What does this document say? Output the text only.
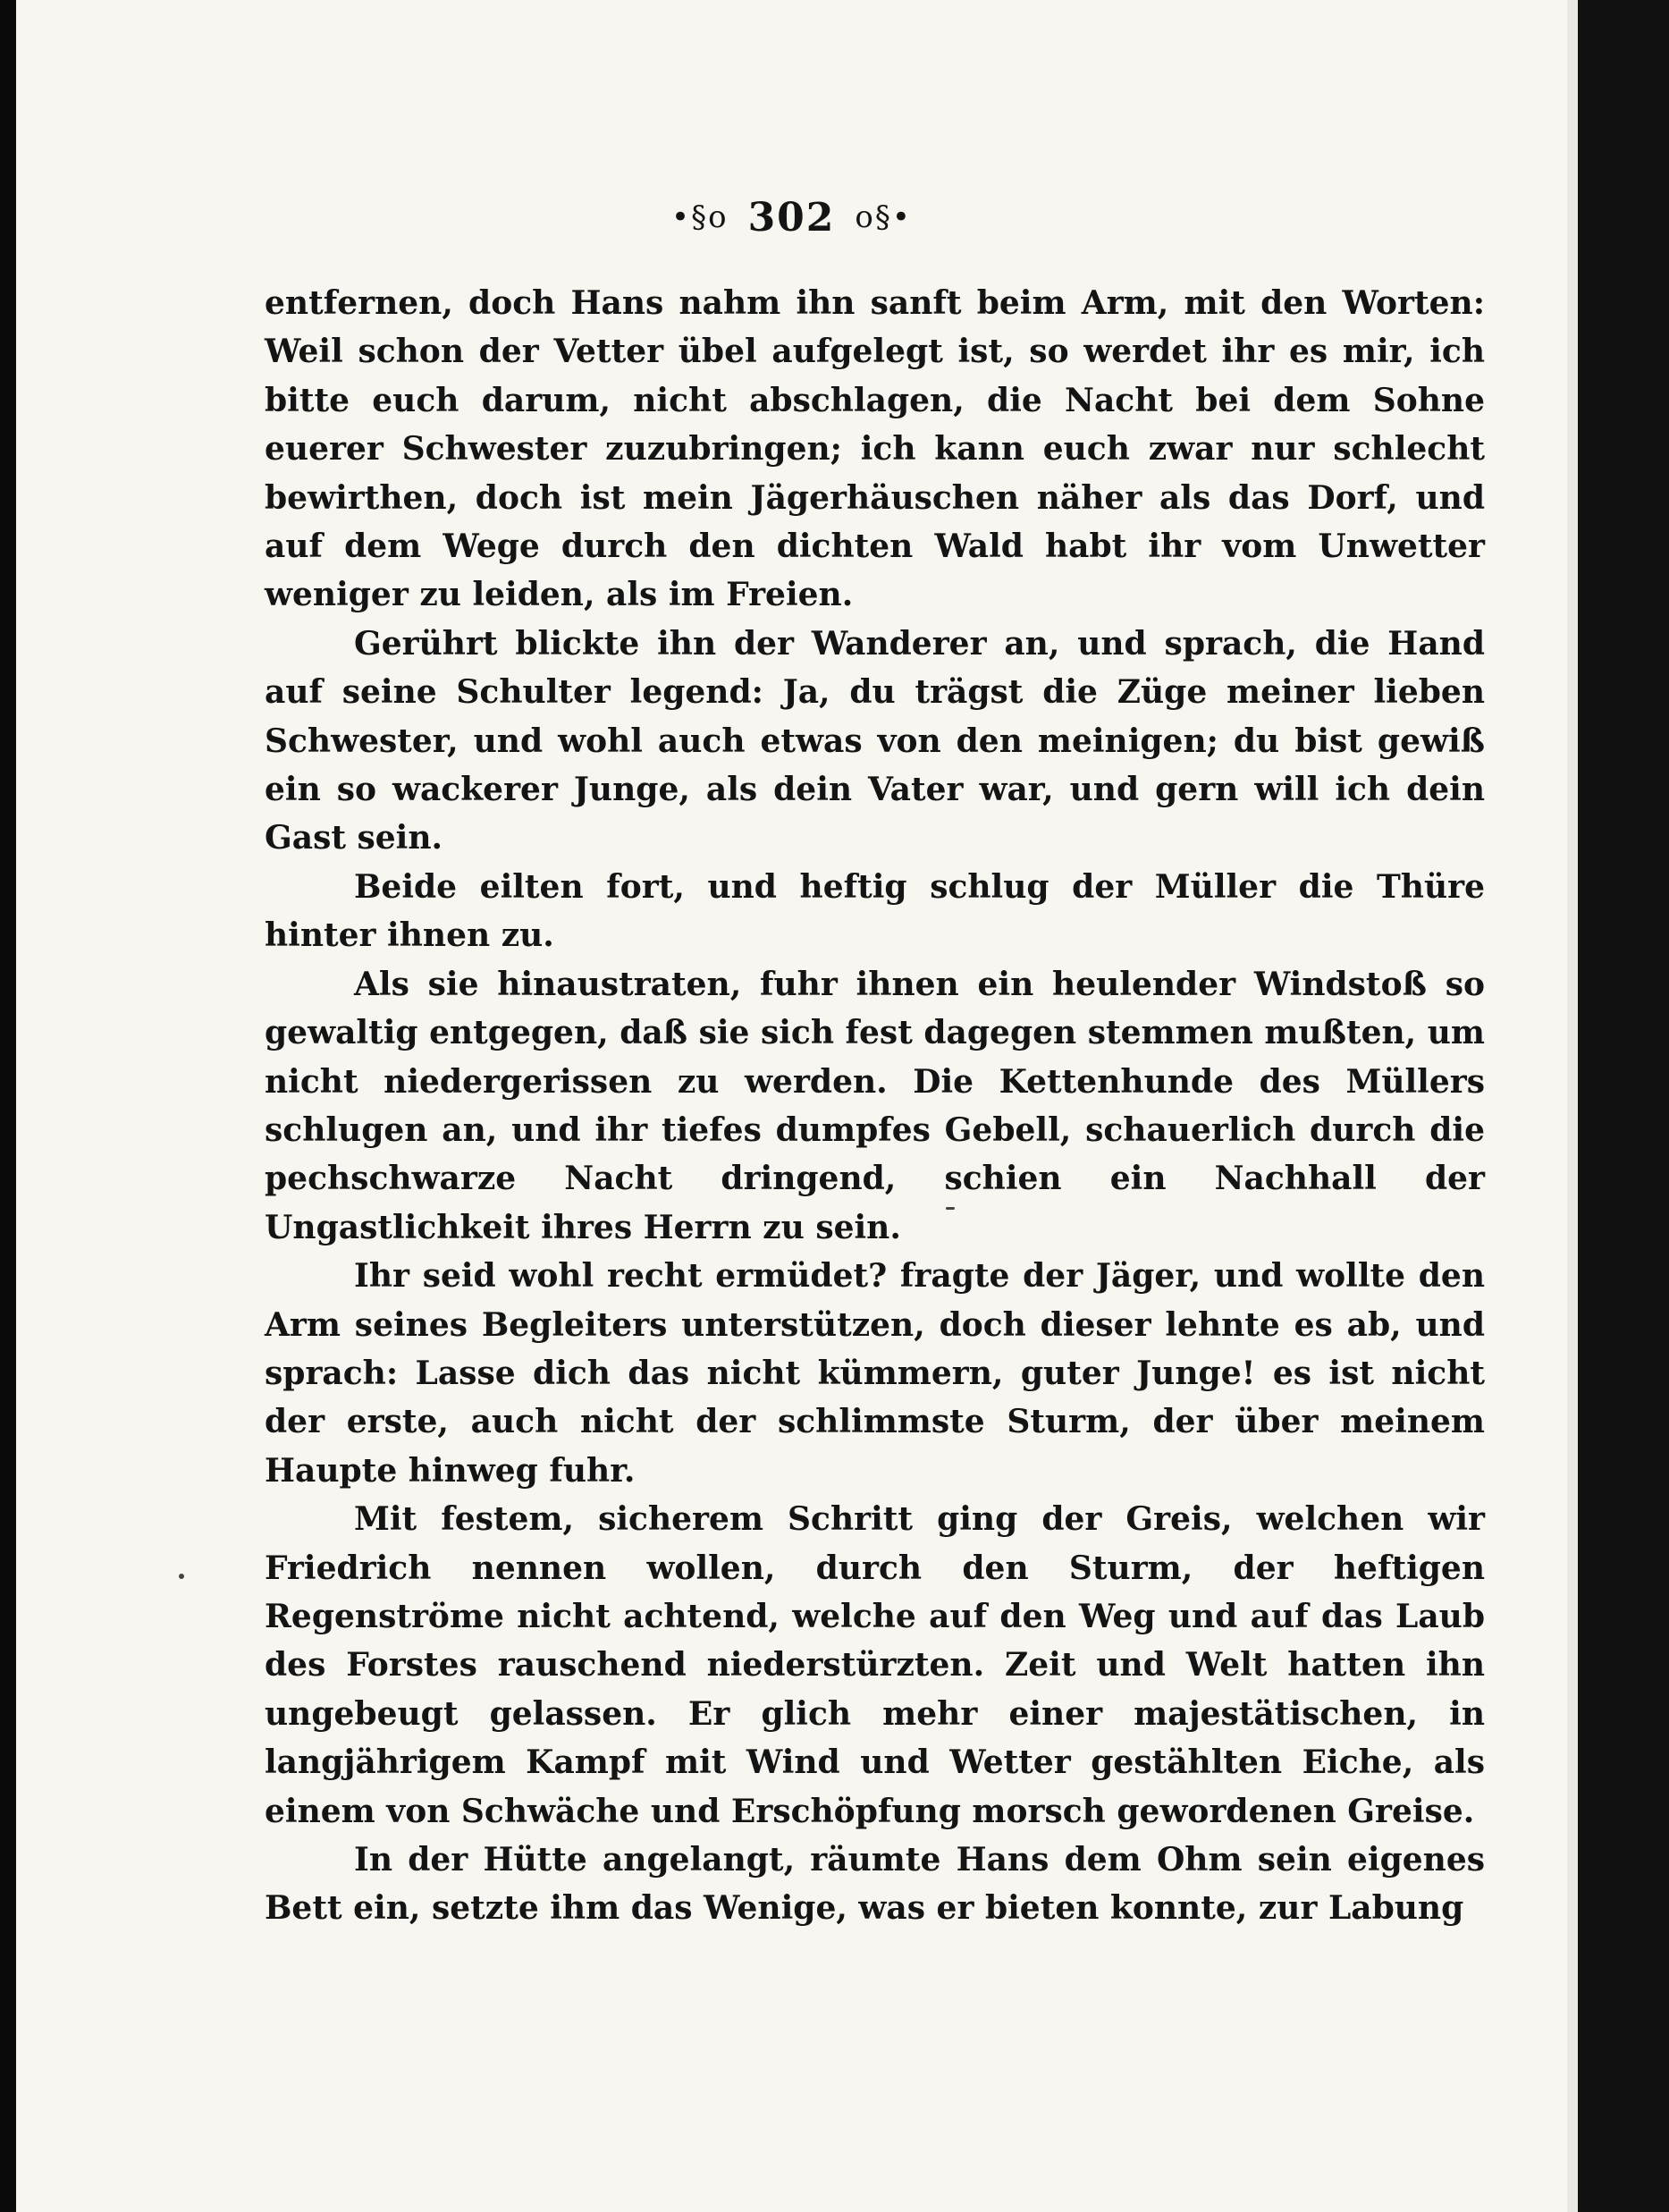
•§o 302 o§•

entfernen, doch Hans nahm ihn sanft beim Arm, mit den Worten: Weil schon der Vetter übel aufgelegt ist, so werdet ihr es mir, ich bitte euch darum, nicht abschlagen, die Nacht bei dem Sohne euerer Schwester zuzubringen; ich kann euch zwar nur schlecht bewirthen, doch ist mein Jägerhäuschen näher als das Dorf, und auf dem Wege durch den dichten Wald habt ihr vom Unwetter weniger zu leiden, als im Freien.

Gerührt blickte ihn der Wanderer an, und sprach, die Hand auf seine Schulter legend: Ja, du trägst die Züge meiner lieben Schwester, und wohl auch etwas von den meinigen; du bist gewiß ein so wackerer Junge, als dein Vater war, und gern will ich dein Gast sein.

Beide eilten fort, und heftig schlug der Müller die Thüre hinter ihnen zu.

Als sie hinaustraten, fuhr ihnen ein heulender Windstoß so gewaltig entgegen, daß sie sich fest dagegen stemmen mußten, um nicht niedergerissen zu werden. Die Kettenhunde des Müllers schlugen an, und ihr tiefes dumpfes Gebell, schauerlich durch die pechschwarze Nacht dringend, schien ein Nachhall der Ungastlichkeit ihres Herrn zu sein.

Ihr seid wohl recht ermüdet? fragte der Jäger, und wollte den Arm seines Begleiters unterstützen, doch dieser lehnte es ab, und sprach: Lasse dich das nicht kümmern, guter Junge! es ist nicht der erste, auch nicht der schlimmste Sturm, der über meinem Haupte hinweg fuhr.

Mit festem, sicherem Schritt ging der Greis, welchen wir Friedrich nennen wollen, durch den Sturm, der heftigen Regenströme nicht achtend, welche auf den Weg und auf das Laub des Forstes rauschend niederstürzten. Zeit und Welt hatten ihn ungebeugt gelassen. Er glich mehr einer majestätischen, in langjährigem Kampf mit Wind und Wetter gestählten Eiche, als einem von Schwäche und Erschöpfung morsch gewordenen Greise.

In der Hütte angelangt, räumte Hans dem Ohm sein eigenes Bett ein, setzte ihm das Wenige, was er bieten konnte, zur Labung
